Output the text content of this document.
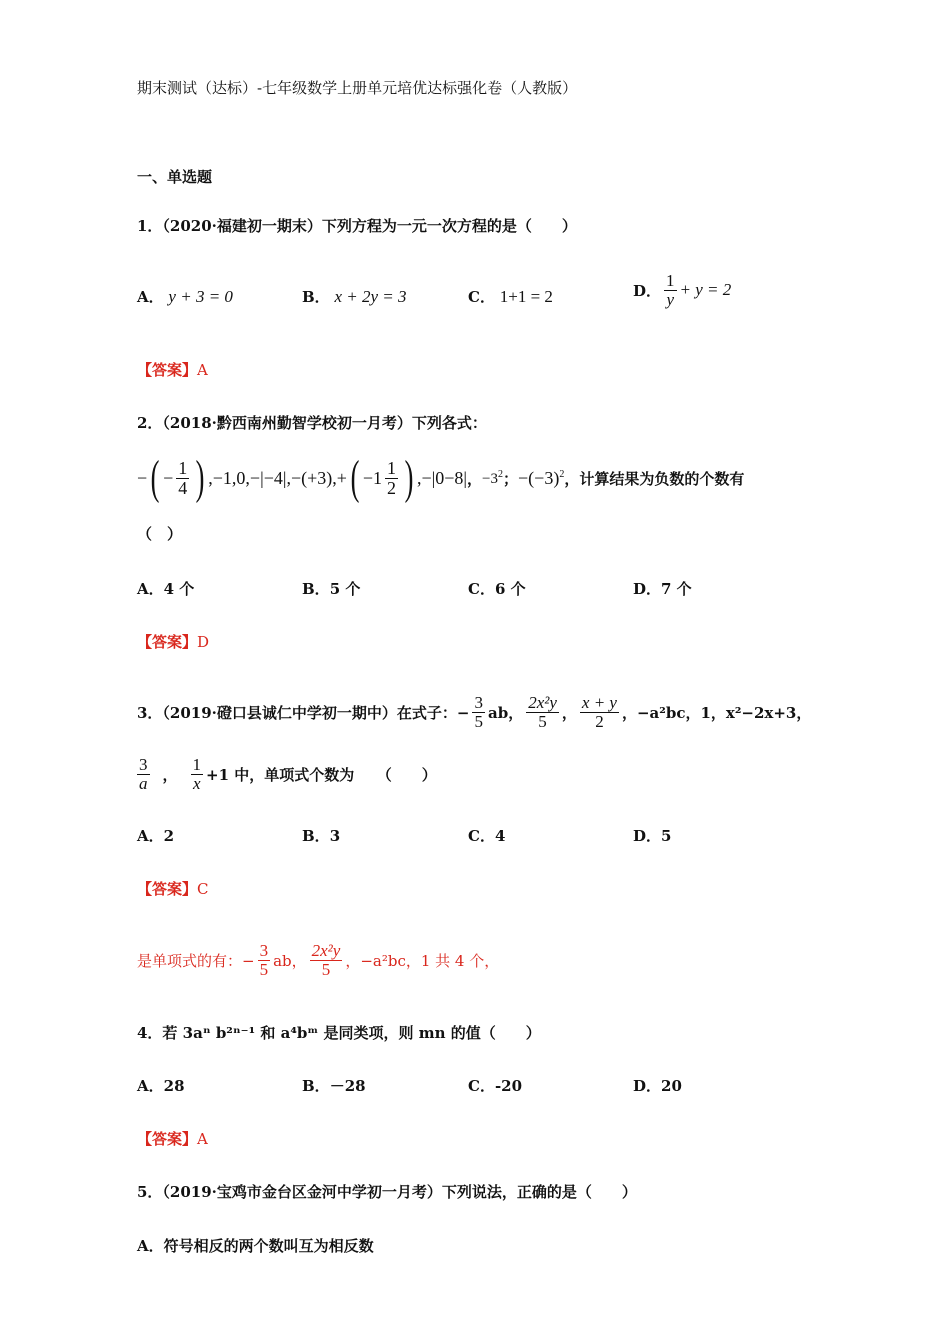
期末测试（达标）-七年级数学上册单元培优达标强化卷（人教版）
一、单选题
1．（2020·福建初一期末）下列方程为一元一次方程的是（　　）
A． y + 3 = 0	B． x + 2y = 3	C． 1+1 = 2	D． $\frac{1}{y} + y = 2$
【答案】A
2．（2018·黔西南州勤智学校初一月考）下列各式：
− ( − $\frac{1}{4}$ ) ,−1,0,−|−4|,−(+3),+ ( $-1 \frac{1}{2}$ ) ,−|0−8| ， $-3^2$ ； $-(-3)^2$ ，计算结果为负数的个数有
（　）
A．4 个	B．5 个	C．6 个	D．7 个
【答案】D
3．（2019·磴口县诚仁中学初一期中）在式子：− $\frac{3}{5}$ ab， $\frac{\text{2x²y}}{5}$ ， $\frac{x + y}{2}$ ，−a²bc，1，x²−2x+3，
$\frac{3}{a}$ ， $\frac{1}{x} +1$ 中，单项式个数为　　（　　）
A．2	B．3	C．4	D．5
【答案】C
是单项式的有：− $\frac{3}{5}$ ab， $\frac{\text{2x²y}}{5}$ ，−a²bc，1 共 4 个，
4．若 3aⁿ b²ⁿ⁻¹ 和 a⁴bᵐ 是同类项，则 mn 的值（　　）
A．28	B．－28	C．-20	D．20
【答案】A
5．（2019·宝鸡市金台区金河中学初一月考）下列说法，正确的是（　　）
A．符号相反的两个数叫互为相反数
